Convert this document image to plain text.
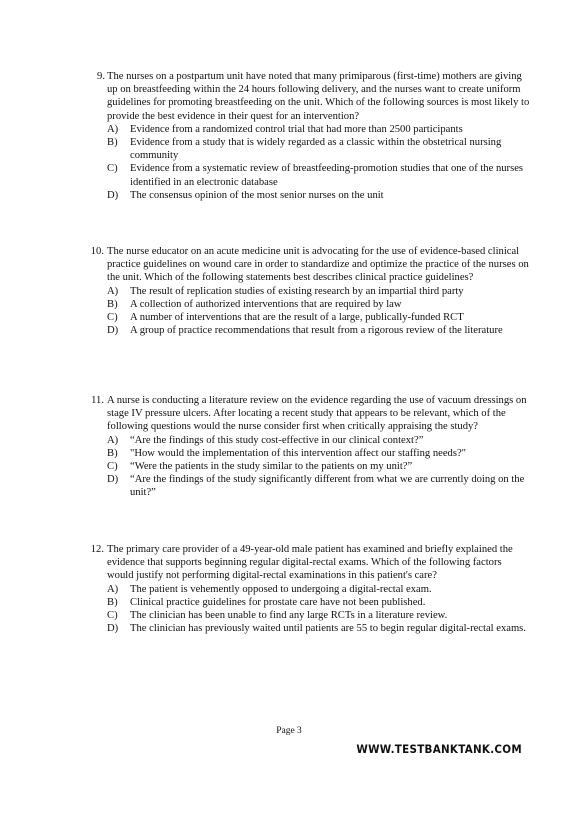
9. The nurses on a postpartum unit have noted that many primiparous (first-time) mothers are giving up on breastfeeding within the 24 hours following delivery, and the nurses want to create uniform guidelines for promoting breastfeeding on the unit. Which of the following sources is most likely to provide the best evidence in their quest for an intervention?
A) Evidence from a randomized control trial that had more than 2500 participants
B) Evidence from a study that is widely regarded as a classic within the obstetrical nursing community
C) Evidence from a systematic review of breastfeeding-promotion studies that one of the nurses identified in an electronic database
D) The consensus opinion of the most senior nurses on the unit
10. The nurse educator on an acute medicine unit is advocating for the use of evidence-based clinical practice guidelines on wound care in order to standardize and optimize the practice of the nurses on the unit. Which of the following statements best describes clinical practice guidelines?
A) The result of replication studies of existing research by an impartial third party
B) A collection of authorized interventions that are required by law
C) A number of interventions that are the result of a large, publically-funded RCT
D) A group of practice recommendations that result from a rigorous review of the literature
11. A nurse is conducting a literature review on the evidence regarding the use of vacuum dressings on stage IV pressure ulcers. After locating a recent study that appears to be relevant, which of the following questions would the nurse consider first when critically appraising the study?
A) “Are the findings of this study cost-effective in our clinical context?”
B) "How would the implementation of this intervention affect our staffing needs?"
C) “Were the patients in the study similar to the patients on my unit?”
D) “Are the findings of the study significantly different from what we are currently doing on the unit?”
12. The primary care provider of a 49-year-old male patient has examined and briefly explained the evidence that supports beginning regular digital-rectal exams. Which of the following factors would justify not performing digital-rectal examinations in this patient's care?
A) The patient is vehemently opposed to undergoing a digital-rectal exam.
B) Clinical practice guidelines for prostate care have not been published.
C) The clinician has been unable to find any large RCTs in a literature review.
D) The clinician has previously waited until patients are 55 to begin regular digital-rectal exams.
Page 3
WWW.TESTBANKTANK.COM
